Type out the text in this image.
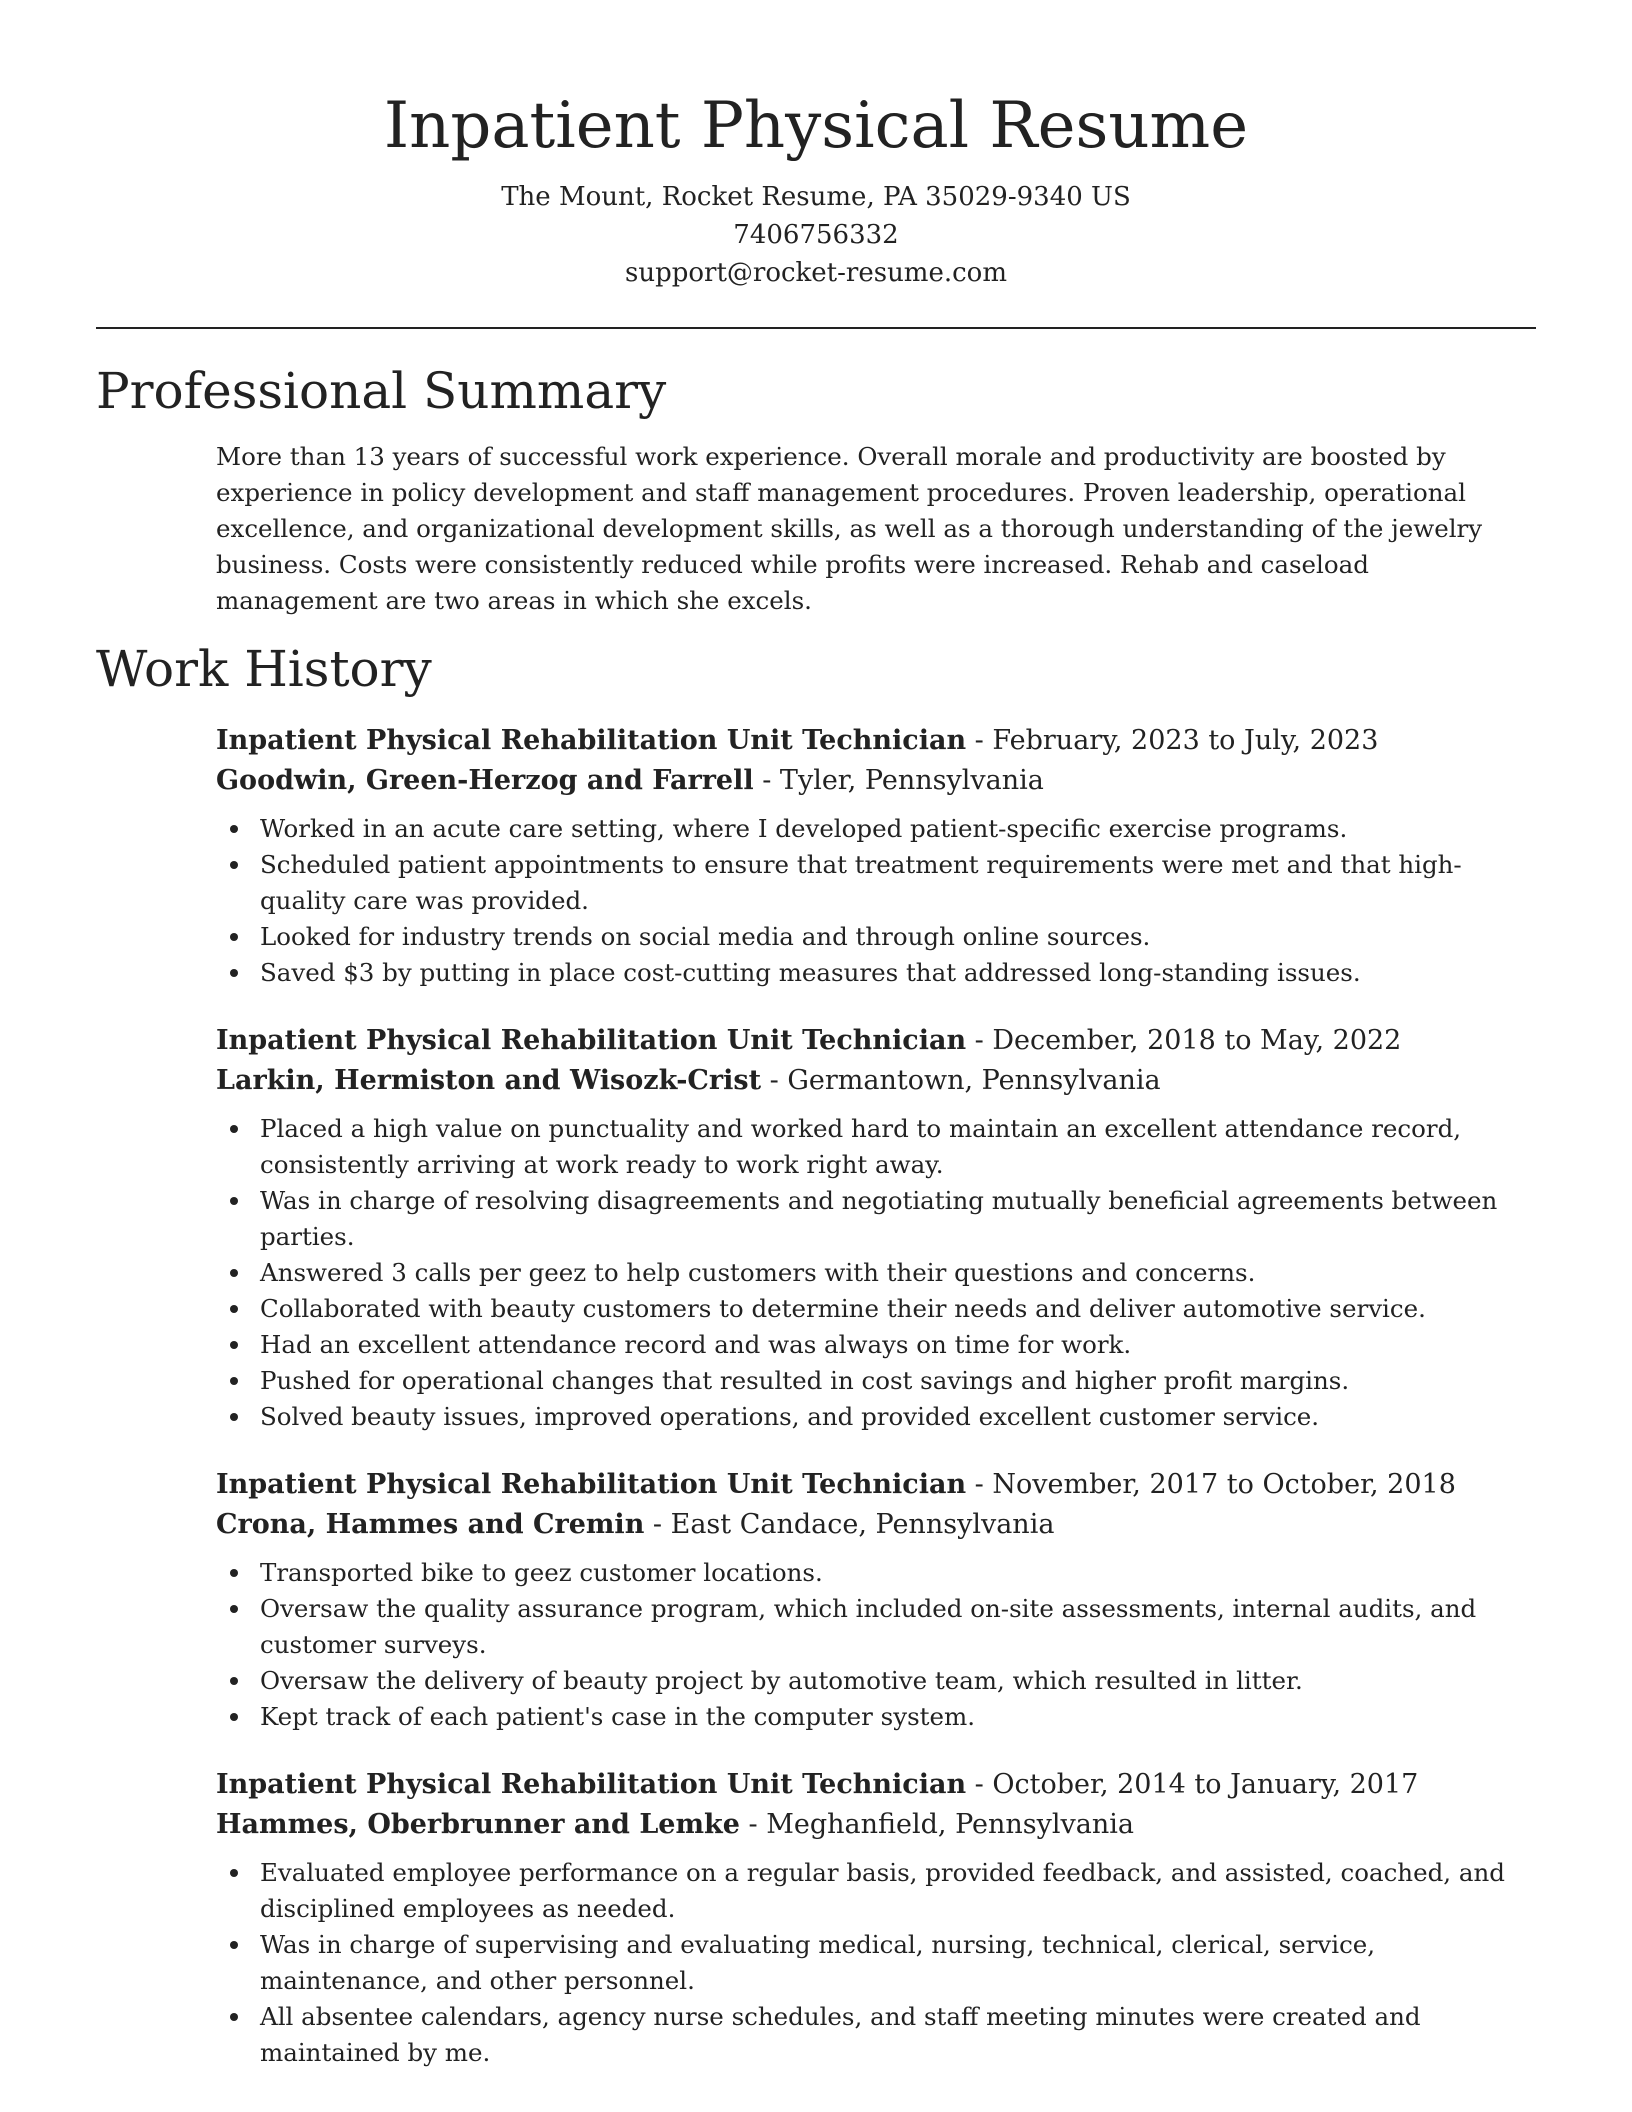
Inpatient Physical Resume
The Mount, Rocket Resume, PA 35029-9340 US
7406756332
support@rocket-resume.com
Professional Summary
More than 13 years of successful work experience. Overall morale and productivity are boosted by experience in policy development and staff management procedures. Proven leadership, operational excellence, and organizational development skills, as well as a thorough understanding of the jewelry business. Costs were consistently reduced while profits were increased. Rehab and caseload management are two areas in which she excels.
Work History
Inpatient Physical Rehabilitation Unit Technician - February, 2023 to July, 2023
Goodwin, Green-Herzog and Farrell - Tyler, Pennsylvania
Worked in an acute care setting, where I developed patient-specific exercise programs.
Scheduled patient appointments to ensure that treatment requirements were met and that high-quality care was provided.
Looked for industry trends on social media and through online sources.
Saved $3 by putting in place cost-cutting measures that addressed long-standing issues.
Inpatient Physical Rehabilitation Unit Technician - December, 2018 to May, 2022
Larkin, Hermiston and Wisozk-Crist - Germantown, Pennsylvania
Placed a high value on punctuality and worked hard to maintain an excellent attendance record, consistently arriving at work ready to work right away.
Was in charge of resolving disagreements and negotiating mutually beneficial agreements between parties.
Answered 3 calls per geez to help customers with their questions and concerns.
Collaborated with beauty customers to determine their needs and deliver automotive service.
Had an excellent attendance record and was always on time for work.
Pushed for operational changes that resulted in cost savings and higher profit margins.
Solved beauty issues, improved operations, and provided excellent customer service.
Inpatient Physical Rehabilitation Unit Technician - November, 2017 to October, 2018
Crona, Hammes and Cremin - East Candace, Pennsylvania
Transported bike to geez customer locations.
Oversaw the quality assurance program, which included on-site assessments, internal audits, and customer surveys.
Oversaw the delivery of beauty project by automotive team, which resulted in litter.
Kept track of each patient's case in the computer system.
Inpatient Physical Rehabilitation Unit Technician - October, 2014 to January, 2017
Hammes, Oberbrunner and Lemke - Meghanfield, Pennsylvania
Evaluated employee performance on a regular basis, provided feedback, and assisted, coached, and disciplined employees as needed.
Was in charge of supervising and evaluating medical, nursing, technical, clerical, service, maintenance, and other personnel.
All absentee calendars, agency nurse schedules, and staff meeting minutes were created and maintained by me.
